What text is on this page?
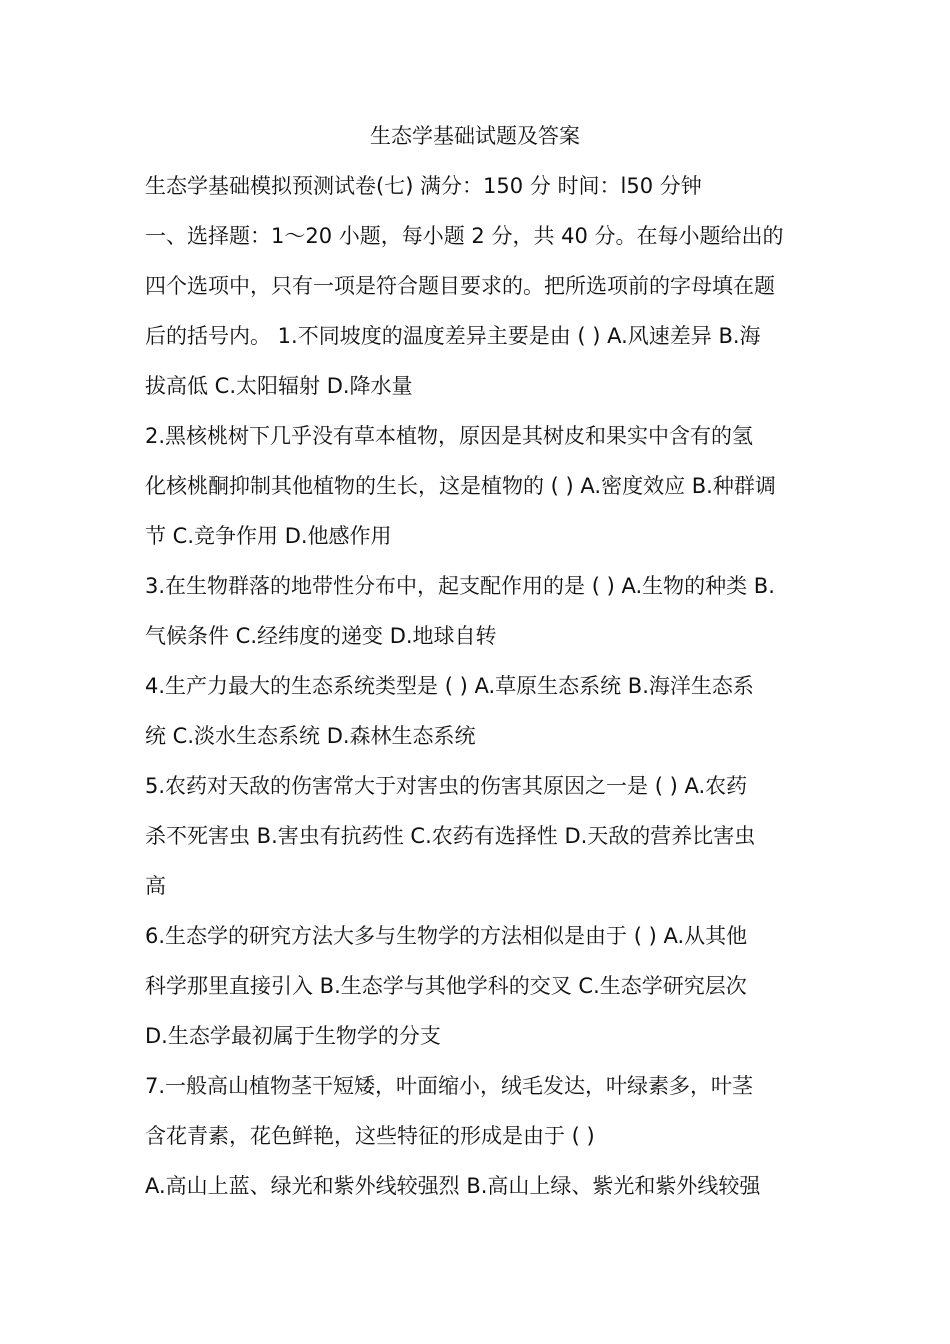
生态学基础试题及答案
生态学基础模拟预测试卷(七) 满分：150 分 时间：l50 分钟
一、选择题：1～20 小题，每小题 2 分，共 40 分。在每小题给出的
四个选项中，只有一项是符合题目要求的。把所选项前的字母填在题
后的括号内。 1.不同坡度的温度差异主要是由 ( ) A.风速差异 B.海
拔高低 C.太阳辐射 D.降水量
2.黑核桃树下几乎没有草本植物，原因是其树皮和果实中含有的氢
化核桃酮抑制其他植物的生长，这是植物的 ( ) A.密度效应 B.种群调
节 C.竞争作用 D.他感作用
3.在生物群落的地带性分布中，起支配作用的是 ( ) A.生物的种类 B.
气候条件 C.经纬度的递变 D.地球自转
4.生产力最大的生态系统类型是 ( ) A.草原生态系统 B.海洋生态系
统 C.淡水生态系统 D.森林生态系统
5.农药对天敌的伤害常大于对害虫的伤害其原因之一是 ( ) A.农药
杀不死害虫 B.害虫有抗药性 C.农药有选择性 D.天敌的营养比害虫
高
6.生态学的研究方法大多与生物学的方法相似是由于 ( ) A.从其他
科学那里直接引入 B.生态学与其他学科的交叉 C.生态学研究层次
D.生态学最初属于生物学的分支
7.一般高山植物茎干短矮，叶面缩小，绒毛发达，叶绿素多，叶茎
含花青素，花色鲜艳，这些特征的形成是由于 ( )
A.高山上蓝、绿光和紫外线较强烈 B.高山上绿、紫光和紫外线较强
